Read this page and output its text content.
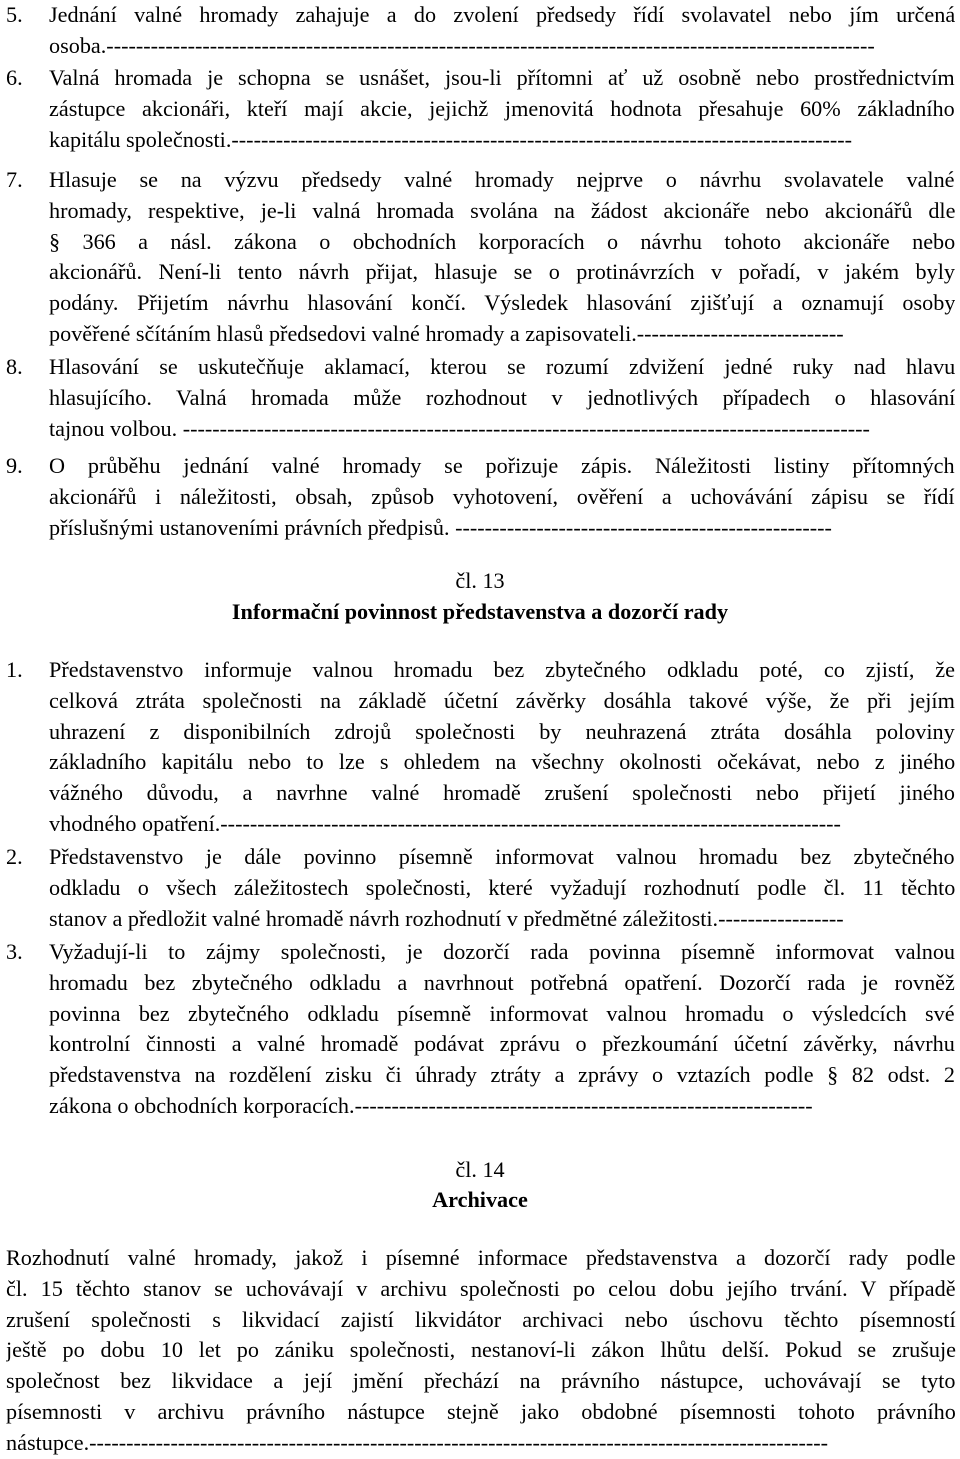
5.	Jednání valné hromady zahajuje a do zvolení předsedy řídí svolavatel nebo jím určená
osoba.--------------------------------------------------------------------------------------------------------
6.	Valná hromada je schopna se usnášet, jsou-li přítomni ať už osobně nebo prostřednictvím
zástupce akcionáři, kteří mají akcie, jejichž jmenovitá hodnota přesahuje 60% základního
kapitálu společnosti.------------------------------------------------------------------------------------
7.	Hlasuje se na výzvu předsedy valné hromady nejprve o návrhu svolavatele valné
hromady, respektive, je-li valná hromada svolána na žádost akcionáře nebo akcionářů dle
§ 366 a násl. zákona o obchodních korporacích o návrhu tohoto akcionáře nebo
akcionářů. Není-li tento návrh přijat, hlasuje se o protinávrzích v pořadí, v jakém byly
podány. Přijetím návrhu hlasování končí. Výsledek hlasování zjišťují a oznamují osoby
pověřené sčítáním hlasů předsedovi valné hromady a zapisovateli.----------------------------
8.	Hlasování se uskutečňuje aklamací, kterou se rozumí zdvižení jedné ruky nad hlavu
hlasujícího. Valná hromada může rozhodnout v jednotlivých případech o hlasování
tajnou volbou. ---------------------------------------------------------------------------------------------
9.	O průběhu jednání valné hromady se pořizuje zápis. Náležitosti listiny přítomných
akcionářů i náležitosti, obsah, způsob vyhotovení, ověření a uchovávání zápisu se řídí
příslušnými ustanoveními právních předpisů. ---------------------------------------------------
čl. 13
Informační povinnost představenstva a dozorčí rady
1.	Představenstvo informuje valnou hromadu bez zbytečného odkladu poté, co zjistí, že
celková ztráta společnosti na základě účetní závěrky dosáhla takové výše, že při jejím
uhrazení z disponibilních zdrojů společnosti by neuhrazená ztráta dosáhla poloviny
základního kapitálu nebo to lze s ohledem na všechny okolnosti očekávat, nebo z jiného
vážného důvodu, a navrhne valné hromadě zrušení společnosti nebo přijetí jiného
vhodného opatření.------------------------------------------------------------------------------------
2.	Představenstvo je dále povinno písemně informovat valnou hromadu bez zbytečného
odkladu o všech záležitostech společnosti, které vyžadují rozhodnutí podle čl. 11 těchto
stanov a předložit valné hromadě návrh rozhodnutí v předmětné záležitosti.-----------------
3.	Vyžadují-li to zájmy společnosti, je dozorčí rada povinna písemně informovat valnou
hromadu bez zbytečného odkladu a navrhnout potřebná opatření. Dozorčí rada je rovněž
povinna bez zbytečného odkladu písemně informovat valnou hromadu o výsledcích své
kontrolní činnosti a valné hromadě podávat zprávu o přezkoumání účetní závěrky, návrhu
představenstva na rozdělení zisku či úhrady ztráty a zprávy o vztazích podle § 82 odst. 2
zákona o obchodních korporacích.--------------------------------------------------------------
čl. 14
Archivace
Rozhodnutí valné hromady, jakož i písemné informace představenstva a dozorčí rady podle
čl. 15 těchto stanov se uchovávají v archivu společnosti po celou dobu jejího trvání. V případě
zrušení společnosti s likvidací zajistí likvidátor archivaci nebo úschovu těchto písemností
ještě po dobu 10 let po zániku společnosti, nestanoví-li zákon lhůtu delší. Pokud se zrušuje
společnost bez likvidace a její jmění přechází na právního nástupce, uchovávají se tyto
písemnosti v archivu právního nástupce stejně jako obdobné písemnosti tohoto právního
nástupce.----------------------------------------------------------------------------------------------------
